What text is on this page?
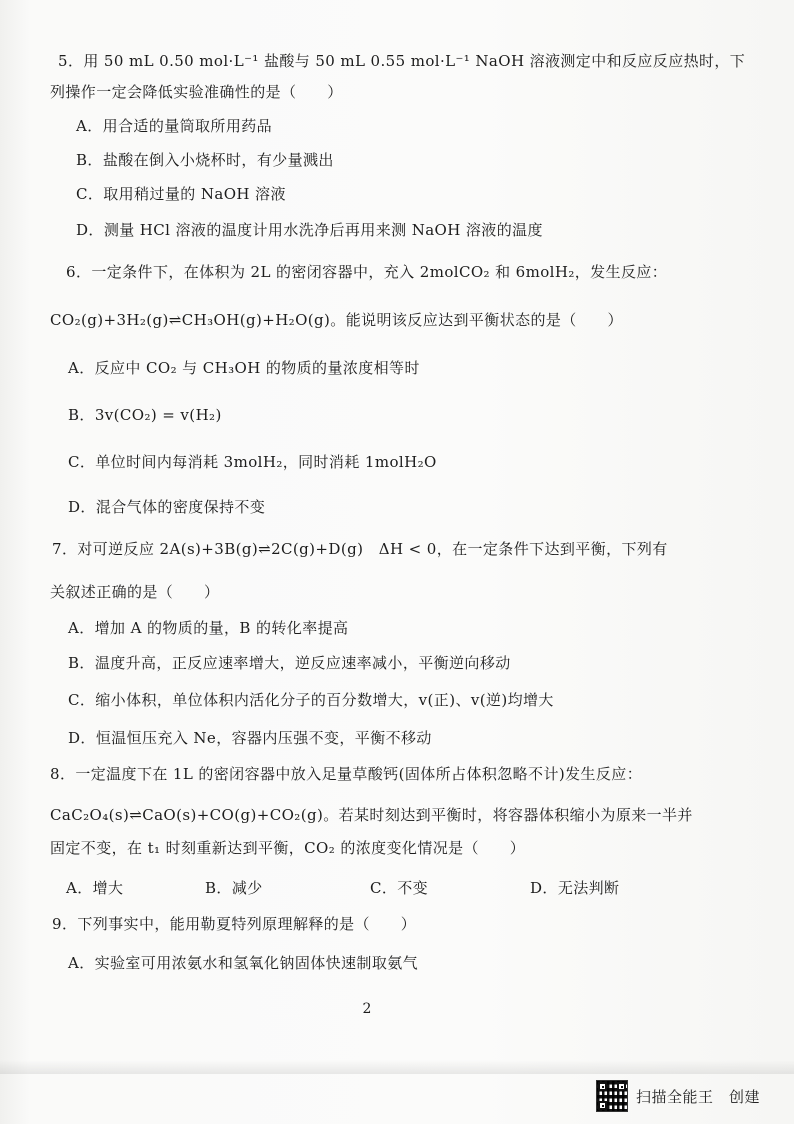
5．用 50 mL 0.50 mol·L⁻¹ 盐酸与 50 mL 0.55 mol·L⁻¹ NaOH 溶液测定中和反应反应热时，下
列操作一定会降低实验准确性的是（　　）
A．用合适的量筒取所用药品
B．盐酸在倒入小烧杯时，有少量溅出
C．取用稍过量的 NaOH 溶液
D．测量 HCl 溶液的温度计用水洗净后再用来测 NaOH 溶液的温度
6．一定条件下，在体积为 2L 的密闭容器中，充入 2molCO₂ 和 6molH₂，发生反应：
CO₂(g)+3H₂(g)⇌CH₃OH(g)+H₂O(g)。能说明该反应达到平衡状态的是（　　）
A．反应中 CO₂ 与 CH₃OH 的物质的量浓度相等时
B．3v(CO₂) = v(H₂)
C．单位时间内每消耗 3molH₂，同时消耗 1molH₂O
D．混合气体的密度保持不变
7．对可逆反应 2A(s)+3B(g)⇌2C(g)+D(g)　ΔH < 0，在一定条件下达到平衡，下列有
关叙述正确的是（　　）
A．增加 A 的物质的量，B 的转化率提高
B．温度升高，正反应速率增大，逆反应速率减小，平衡逆向移动
C．缩小体积，单位体积内活化分子的百分数增大，v(正)、v(逆)均增大
D．恒温恒压充入 Ne，容器内压强不变，平衡不移动
8．一定温度下在 1L 的密闭容器中放入足量草酸钙(固体所占体积忽略不计)发生反应：
CaC₂O₄(s)⇌CaO(s)+CO(g)+CO₂(g)。若某时刻达到平衡时，将容器体积缩小为原来一半并
固定不变，在 t₁ 时刻重新达到平衡，CO₂ 的浓度变化情况是（　　）
A．增大	B．减少	C．不变	D．无法判断
9．下列事实中，能用勒夏特列原理解释的是（　　）
A．实验室可用浓氨水和氢氧化钠固体快速制取氨气
2
扫描全能王　创建
